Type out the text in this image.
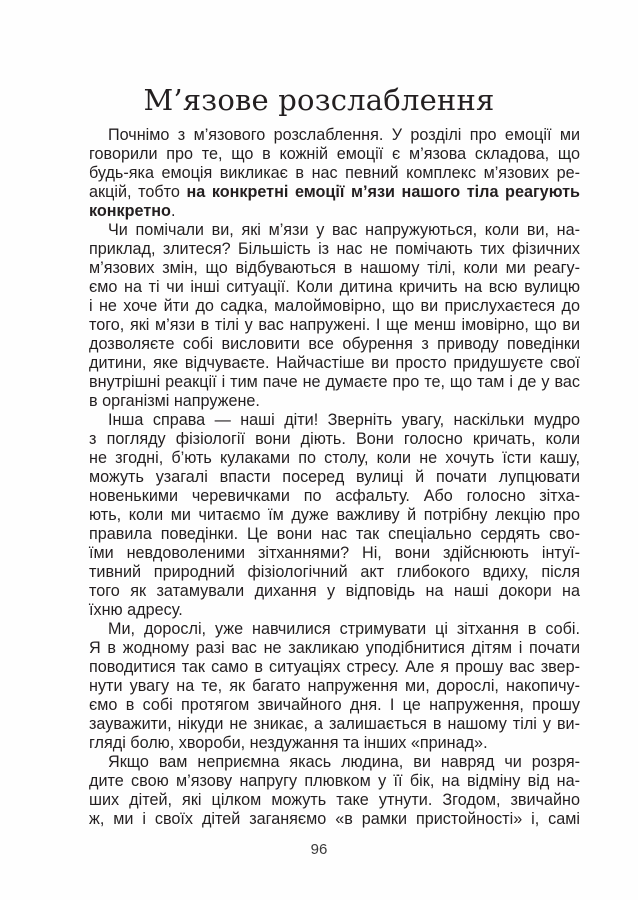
М’язове розслаблення
Почнімо з м’язового розслаблення. У розділі про емоції ми
говорили про те, що в кожній емоції є м’язова складова, що
будь-яка емоція викликає в нас певний комплекс м’язових ре-
акцій, тобто на конкретні емоції м’язи нашого тіла реагують
конкретно.
Чи помічали ви, які м’язи у вас напружуються, коли ви, на-
приклад, злитеся? Більшість із нас не помічають тих фізичних
м’язових змін, що відбуваються в нашому тілі, коли ми реагу-
ємо на ті чи інші ситуації. Коли дитина кричить на всю вулицю
і не хоче йти до садка, малоймовірно, що ви прислухаєтеся до
того, які м’язи в тілі у вас напружені. І ще менш імовірно, що ви
дозволяєте собі висловити все обурення з приводу поведінки
дитини, яке відчуваєте. Найчастіше ви просто придушуєте свої
внутрішні реакції і тим паче не думаєте про те, що там і де у вас
в організмі напружене.
Інша справа — наші діти! Зверніть увагу, наскільки мудро
з погляду фізіології вони діють. Вони голосно кричать, коли
не згодні, б’ють кулаками по столу, коли не хочуть їсти кашу,
можуть узагалі впасти посеред вулиці й почати лупцювати
новенькими черевичками по асфальту. Або голосно зітха-
ють, коли ми читаємо їм дуже важливу й потрібну лекцію про
правила поведінки. Це вони нас так спеціально сердять сво-
їми невдоволеними зітханнями? Ні, вони здійснюють інтуї-
тивний природний фізіологічний акт глибокого вдиху, після
того як затамували дихання у відповідь на наші докори на
їхню адресу.
Ми, дорослі, уже навчилися стримувати ці зітхання в собі.
Я в жодному разі вас не закликаю уподібнитися дітям і почати
поводитися так само в ситуаціях стресу. Але я прошу вас звер-
нути увагу на те, як багато напруження ми, дорослі, накопичу-
ємо в собі протягом звичайного дня. І це напруження, прошу
зауважити, нікуди не зникає, а залишається в нашому тілі у ви-
гляді болю, хвороби, нездужання та інших «принад».
Якщо вам неприємна якась людина, ви навряд чи розря-
дите свою м’язову напругу плювком у її бік, на відміну від на-
ших дітей, які цілком можуть таке утнути. Згодом, звичайно
ж, ми і своїх дітей заганяємо «в рамки пристойності» і, самі
96
